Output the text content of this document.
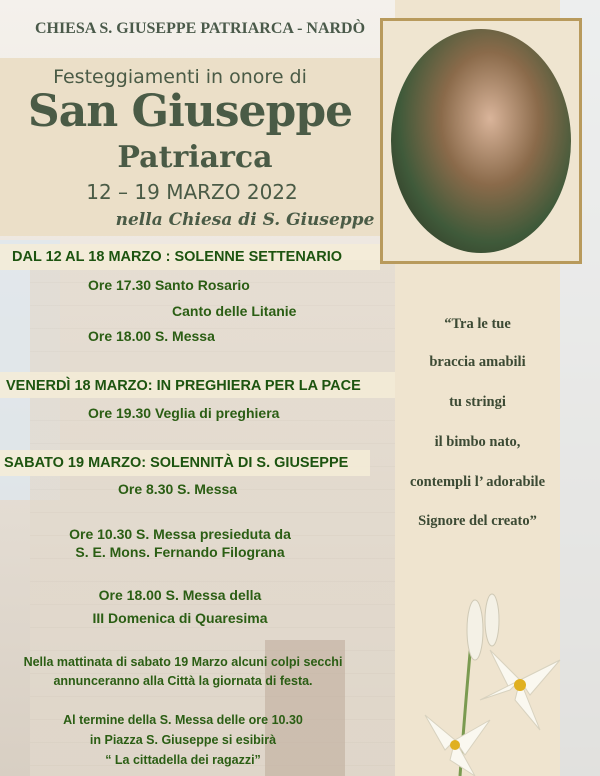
CHIESA S. GIUSEPPE PATRIARCA - NARDÒ
Festeggiamenti in onore di
San Giuseppe
Patriarca
12 – 19 MARZO 2022
nella Chiesa di S. Giuseppe
DAL 12 AL 18 MARZO : SOLENNE SETTENARIO
Ore 17.30 Santo Rosario
Canto delle Litanie
Ore 18.00 S. Messa
VENERDÌ 18 MARZO: IN PREGHIERA PER LA PACE
Ore 19.30 Veglia di preghiera
SABATO 19 MARZO: SOLENNITÀ DI S. GIUSEPPE
Ore 8.30 S. Messa
Ore 10.30 S. Messa presieduta da
S. E. Mons. Fernando Filograna
Ore 18.00 S. Messa della
III Domenica di Quaresima
Nella mattinata di sabato 19 Marzo alcuni colpi secchi
annunceranno alla Città la giornata di festa.
Al termine della S. Messa delle ore 10.30
in Piazza S. Giuseppe si esibirà
“ La cittadella dei ragazzi”
“Tra le tue
braccia amabili
tu stringi
il bimbo nato,
contempli l’ adorabile
Signore del creato”
